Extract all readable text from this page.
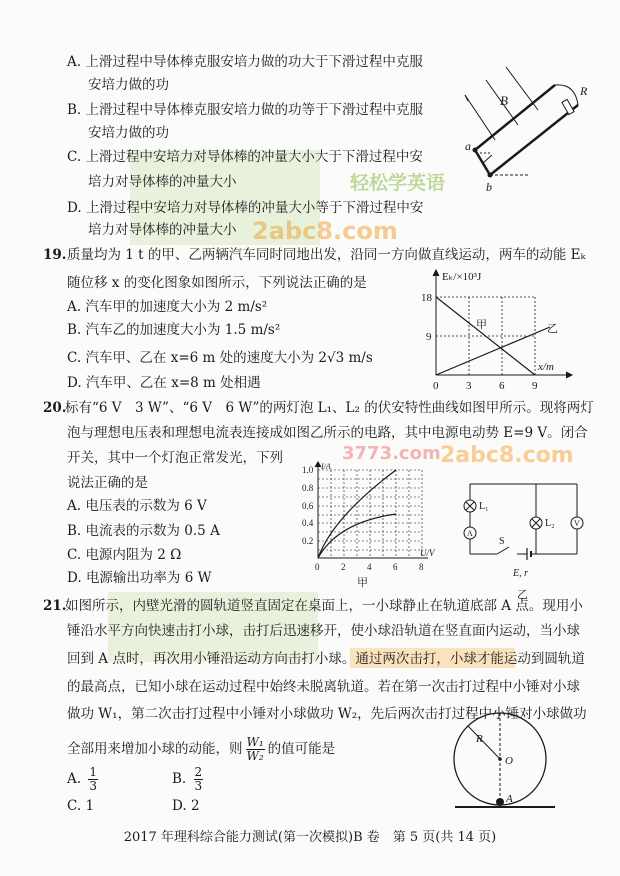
轻松学英语
2abc8.com
2abc8.com
3773.com
A. 上滑过程中导体棒克服安培力做的功大于下滑过程中克服
安培力做的功
B. 上滑过程中导体棒克服安培力做的功等于下滑过程中克服
安培力做的功
C. 上滑过程中安培力对导体棒的冲量大小大于下滑过程中安
培力对导体棒的冲量大小
D. 上滑过程中安培力对导体棒的冲量大小等于下滑过程中安
培力对导体棒的冲量大小
B
R
a
b
19. 质量均为 1 t 的甲、乙两辆汽车同时同地出发，沿同一方向做直线运动，两车的动能 Eₖ
随位移 x 的变化图象如图所示，下列说法正确的是
A. 汽车甲的加速度大小为 2 m/s²
B. 汽车乙的加速度大小为 1.5 m/s²
C. 汽车甲、乙在 x=6 m 处的速度大小为 2√3 m/s
D. 汽车甲、乙在 x=8 m 处相遇
Eₖ/×10³J
x/m
18
9
0	3	6	9
甲	乙
20.
标有“6 V　3 W”、“6 V　6 W”的两灯泡 L₁、L₂ 的伏安特性曲线如图甲所示。现将两灯
泡与理想电压表和理想电流表连接成如图乙所示的电路，其中电源电动势 E=9 V。闭合
开关，其中一个灯泡正常发光，下列
说法正确的是
A. 电压表的示数为 6 V
B. 电流表的示数为 0.5 A
C. 电源内阻为 2 Ω
D. 电源输出功率为 6 W
I/A
U/V
0.2
0.4
0.6
0.8
1.0
0 2 4 6 8
甲
A
V
L₁
L₂
S
E, r
乙
21.
如图所示，内壁光滑的圆轨道竖直固定在桌面上，一小球静止在轨道底部 A 点。现用小
锤沿水平方向快速击打小球，击打后迅速移开，使小球沿轨道在竖直面内运动，当小球
回到 A 点时，再次用小锤沿运动方向击打小球。通过两次击打，小球才能运动到圆轨道
的最高点，已知小球在运动过程中始终未脱离轨道。若在第一次击打过程中小锤对小球
做功 W₁，第二次击打过程中小锤对小球做功 W₂，先后两次击打过程中小锤对小球做功
全部用来增加小球的动能，则 $\frac{\text{W₁}}{\text{W₂}}$ 的值可能是
A. $\frac{1}{3}$	B. $\frac{2}{3}$
C. 1	D. 2
R
O
A
2017 年理科综合能力测试(第一次模拟)B 卷　第 5 页(共 14 页)
